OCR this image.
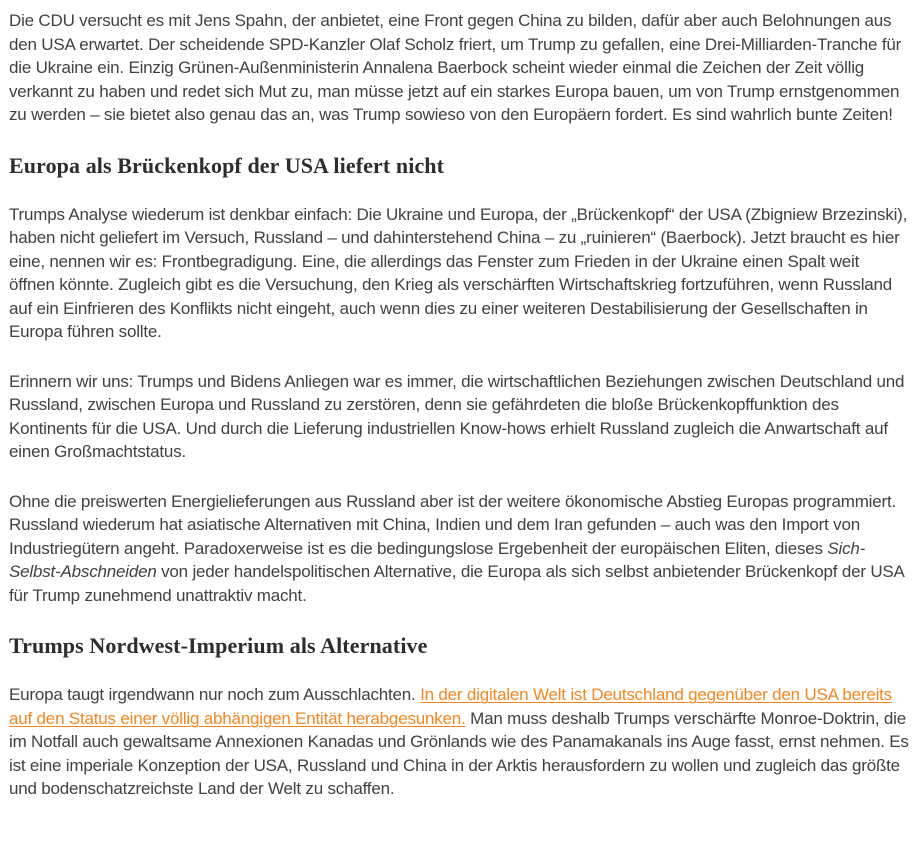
Die CDU versucht es mit Jens Spahn, der anbietet, eine Front gegen China zu bilden, dafür aber auch Belohnungen aus den USA erwartet. Der scheidende SPD-Kanzler Olaf Scholz friert, um Trump zu gefallen, eine Drei-Milliarden-Tranche für die Ukraine ein. Einzig Grünen-Außenministerin Annalena Baerbock scheint wieder einmal die Zeichen der Zeit völlig verkannt zu haben und redet sich Mut zu, man müsse jetzt auf ein starkes Europa bauen, um von Trump ernstgenommen zu werden – sie bietet also genau das an, was Trump sowieso von den Europäern fordert. Es sind wahrlich bunte Zeiten!

Europa als Brückenkopf der USA liefert nicht

Trumps Analyse wiederum ist denkbar einfach: Die Ukraine und Europa, der „Brückenkopf“ der USA (Zbigniew Brzezinski), haben nicht geliefert im Versuch, Russland – und dahinterstehend China – zu „ruinieren“ (Baerbock). Jetzt braucht es hier eine, nennen wir es: Frontbegradigung. Eine, die allerdings das Fenster zum Frieden in der Ukraine einen Spalt weit öffnen könnte. Zugleich gibt es die Versuchung, den Krieg als verschärften Wirtschaftskrieg fortzuführen, wenn Russland auf ein Einfrieren des Konflikts nicht eingeht, auch wenn dies zu einer weiteren Destabilisierung der Gesellschaften in Europa führen sollte.

Erinnern wir uns: Trumps und Bidens Anliegen war es immer, die wirtschaftlichen Beziehungen zwischen Deutschland und Russland, zwischen Europa und Russland zu zerstören, denn sie gefährdeten die bloße Brückenkopffunktion des Kontinents für die USA. Und durch die Lieferung industriellen Know-hows erhielt Russland zugleich die Anwartschaft auf einen Großmachtstatus.

Ohne die preiswerten Energielieferungen aus Russland aber ist der weitere ökonomische Abstieg Europas programmiert. Russland wiederum hat asiatische Alternativen mit China, Indien und dem Iran gefunden – auch was den Import von Industriegütern angeht. Paradoxerweise ist es die bedingungslose Ergebenheit der europäischen Eliten, dieses Sich-Selbst-Abschneiden von jeder handelspolitischen Alternative, die Europa als sich selbst anbietender Brückenkopf der USA für Trump zunehmend unattraktiv macht.

Trumps Nordwest-Imperium als Alternative

Europa taugt irgendwann nur noch zum Ausschlachten. In der digitalen Welt ist Deutschland gegenüber den USA bereits auf den Status einer völlig abhängigen Entität herabgesunken. Man muss deshalb Trumps verschärfte Monroe-Doktrin, die im Notfall auch gewaltsame Annexionen Kanadas und Grönlands wie des Panamakanals ins Auge fasst, ernst nehmen. Es ist eine imperiale Konzeption der USA, Russland und China in der Arktis herausfordern zu wollen und zugleich das größte und bodenschatzreichste Land der Welt zu schaffen.
